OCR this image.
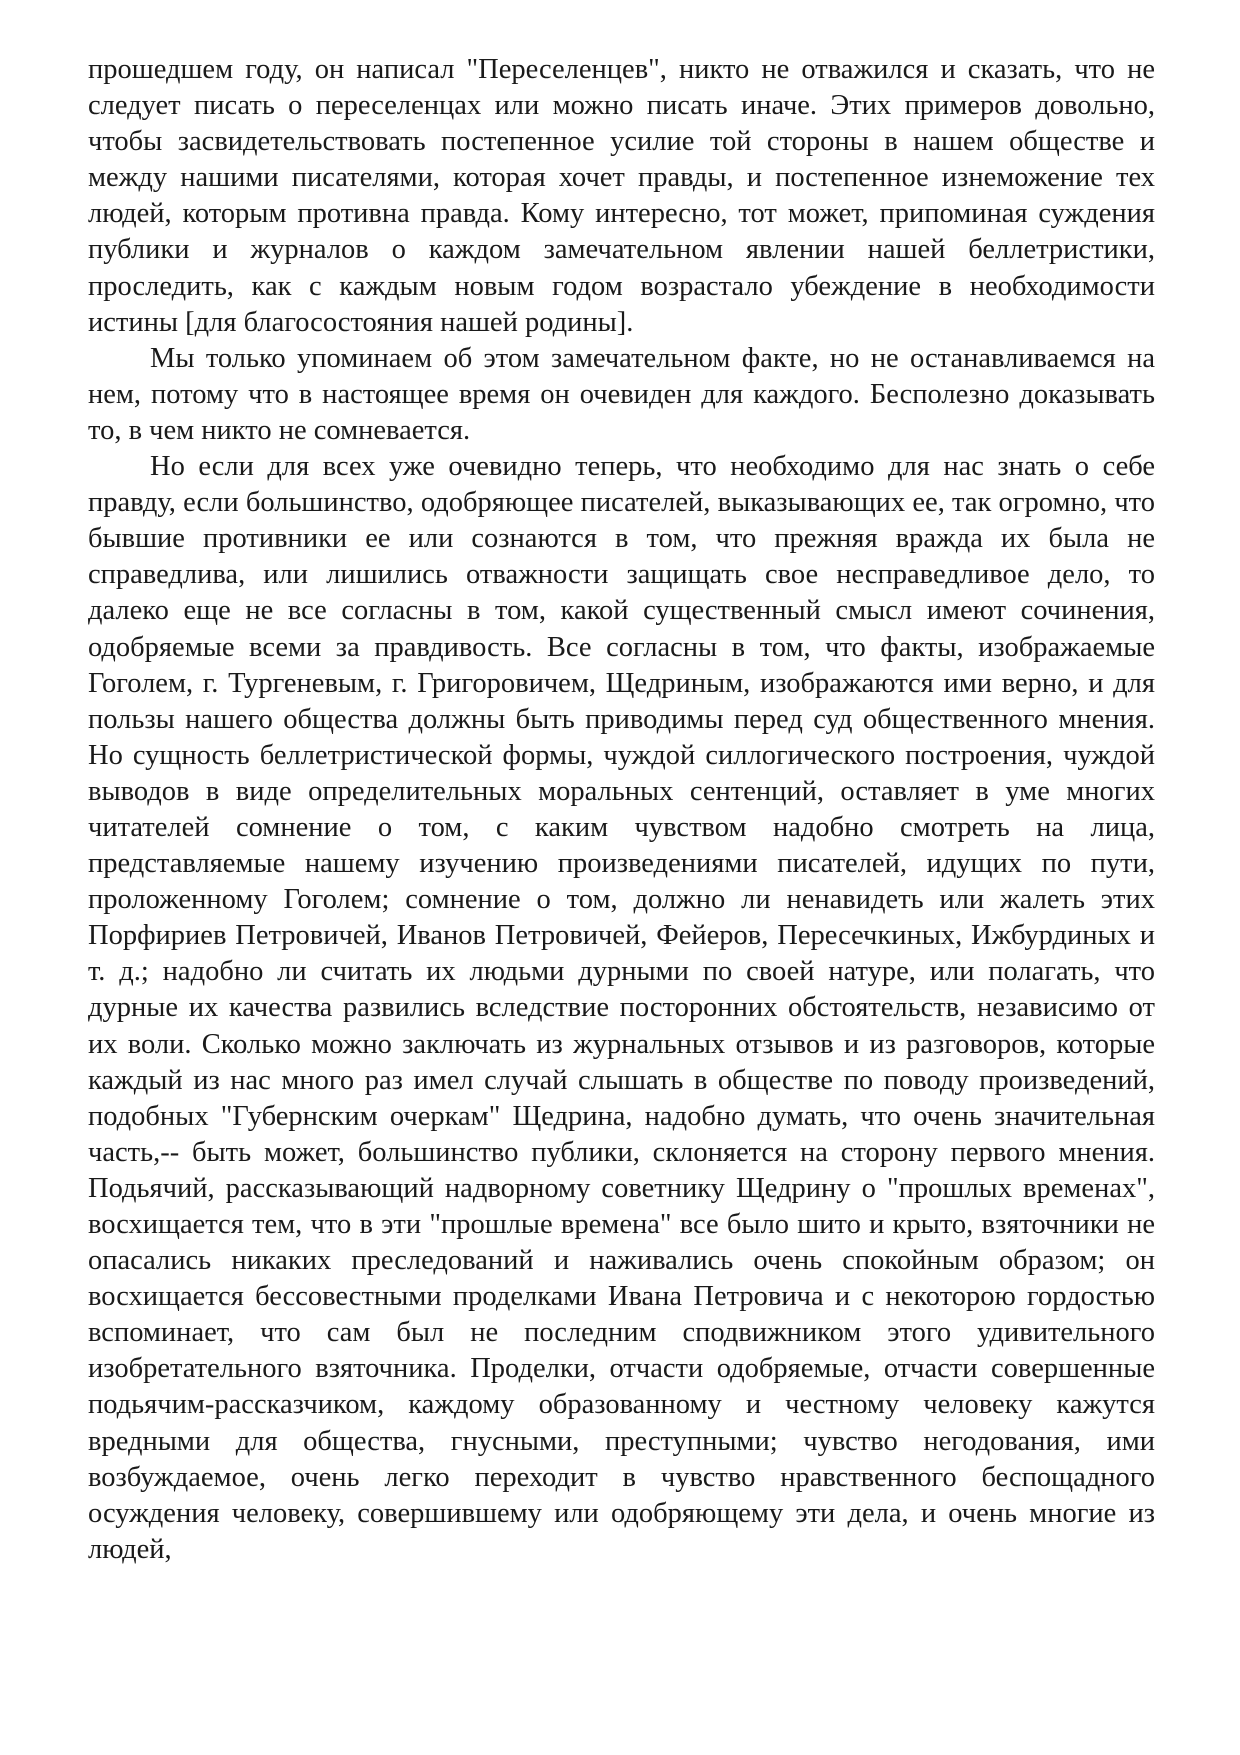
прошедшем году, он написал "Переселенцев", никто не отважился и сказать, что не следует писать о переселенцах или можно писать иначе. Этих примеров довольно, чтобы засвидетельствовать постепенное усилие той стороны в нашем обществе и между нашими писателями, которая хочет правды, и постепенное изнеможение тех людей, которым противна правда. Кому интересно, тот может, припоминая суждения публики и журналов о каждом замечательном явлении нашей беллетристики, проследить, как с каждым новым годом возрастало убеждение в необходимости истины [для благосостояния нашей родины].

Мы только упоминаем об этом замечательном факте, но не останавливаемся на нем, потому что в настоящее время он очевиден для каждого. Бесполезно доказывать то, в чем никто не сомневается.

Но если для всех уже очевидно теперь, что необходимо для нас знать о себе правду, если большинство, одобряющее писателей, выказывающих ее, так огромно, что бывшие противники ее или сознаются в том, что прежняя вражда их была не справедлива, или лишились отважности защищать свое несправедливое дело, то далеко еще не все согласны в том, какой существенный смысл имеют сочинения, одобряемые всеми за правдивость. Все согласны в том, что факты, изображаемые Гоголем, г. Тургеневым, г. Григоровичем, Щедриным, изображаются ими верно, и для пользы нашего общества должны быть приводимы перед суд общественного мнения. Но сущность беллетристической формы, чуждой силлогического построения, чуждой выводов в виде определительных моральных сентенций, оставляет в уме многих читателей сомнение о том, с каким чувством надобно смотреть на лица, представляемые нашему изучению произведениями писателей, идущих по пути, проложенному Гоголем; сомнение о том, должно ли ненавидеть или жалеть этих Порфириев Петровичей, Иванов Петровичей, Фейеров, Пересечкиных, Ижбурдиных и т. д.; надобно ли считать их людьми дурными по своей натуре, или полагать, что дурные их качества развились вследствие посторонних обстоятельств, независимо от их воли. Сколько можно заключать из журнальных отзывов и из разговоров, которые каждый из нас много раз имел случай слышать в обществе по поводу произведений, подобных "Губернским очеркам" Щедрина, надобно думать, что очень значительная часть,-- быть может, большинство публики, склоняется на сторону первого мнения. Подьячий, рассказывающий надворному советнику Щедрину о "прошлых временах", восхищается тем, что в эти "прошлые времена" все было шито и крыто, взяточники не опасались никаких преследований и наживались очень спокойным образом; он восхищается бессовестными проделками Ивана Петровича и с некоторою гордостью вспоминает, что сам был не последним сподвижником этого удивительного изобретательного взяточника. Проделки, отчасти одобряемые, отчасти совершенные подьячим-рассказчиком, каждому образованному и честному человеку кажутся вредными для общества, гнусными, преступными; чувство негодования, ими возбуждаемое, очень легко переходит в чувство нравственного беспощадного осуждения человеку, совершившему или одобряющему эти дела, и очень многие из людей,
